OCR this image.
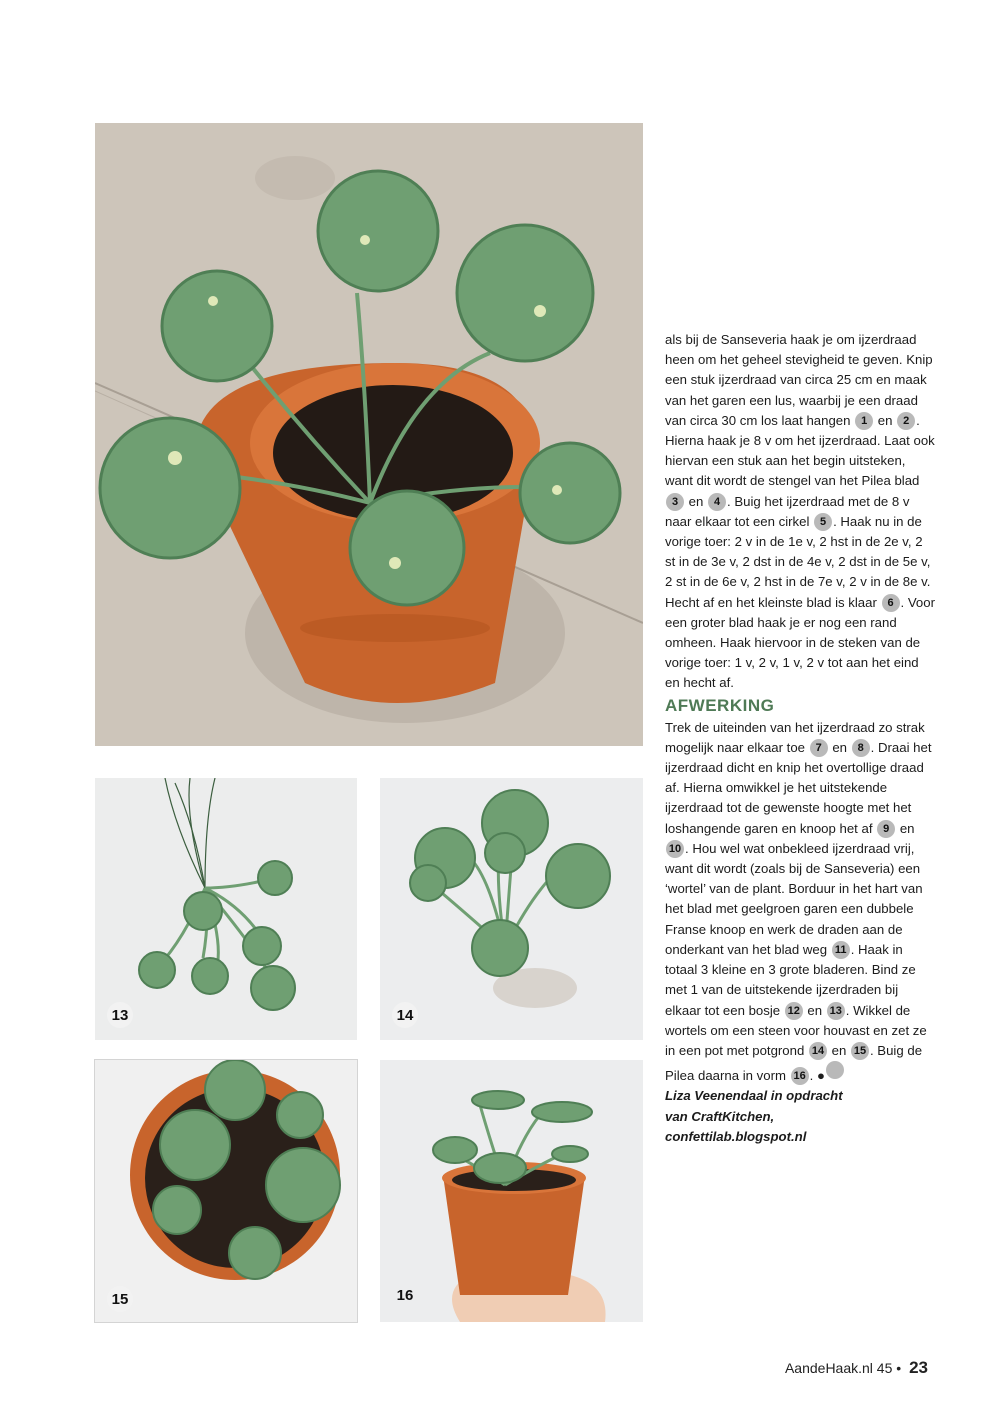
13	14
15	16

als bij de Sanseveria haak je om ijzerdraad heen om het geheel stevigheid te geven. Knip een stuk ijzerdraad van circa 25 cm en maak van het garen een lus, waarbij je een draad van circa 30 cm los laat hangen 1 en 2 . Hierna haak je 8 v om het ijzerdraad. Laat ook hiervan een stuk aan het begin uitsteken, want dit wordt de stengel van het Pilea blad 3 en 4 . Buig het ijzerdraad met de 8 v naar elkaar tot een cirkel 5 . Haak nu in de vorige toer: 2 v in de 1e v, 2 hst in de 2e v, 2 st in de 3e v, 2 dst in de 4e v, 2 dst in de 5e v, 2 st in de 6e v, 2 hst in de 7e v, 2 v in de 8e v. Hecht af en het kleinste blad is klaar 6 . Voor een groter blad haak je er nog een rand omheen. Haak hiervoor in de steken van de vorige toer: 1 v, 2 v, 1 v, 2 v tot aan het eind en hecht af.

AFWERKING

Trek de uiteinden van het ijzerdraad zo strak mogelijk naar elkaar toe 7 en 8 . Draai het ijzerdraad dicht en knip het overtollige draad af. Hierna omwikkel je het uitstekende ijzerdraad tot de gewenste hoogte met het loshangende garen en knoop het af 9 en 10 . Hou wel wat onbekleed ijzerdraad vrij, want dit wordt (zoals bij de Sanseveria) een ‘wortel’ van de plant. Borduur in het hart van het blad met geelgroen garen een dubbele Franse knoop en werk de draden aan de onderkant van het blad weg 11 . Haak in totaal 3 kleine en 3 grote bladeren. Bind ze met 1 van de uitstekende ijzerdraden bij elkaar tot een bosje 12 en 13 . Wikkel de wortels om een steen voor houvast en zet ze in een pot met potgrond 14 en 15 . Buig de Pilea daarna in vorm 16 . ●

Liza Veenendaal in opdracht

van CraftKitchen,

confettilab.blogspot.nl

AandeHaak.nl 45 • 23
